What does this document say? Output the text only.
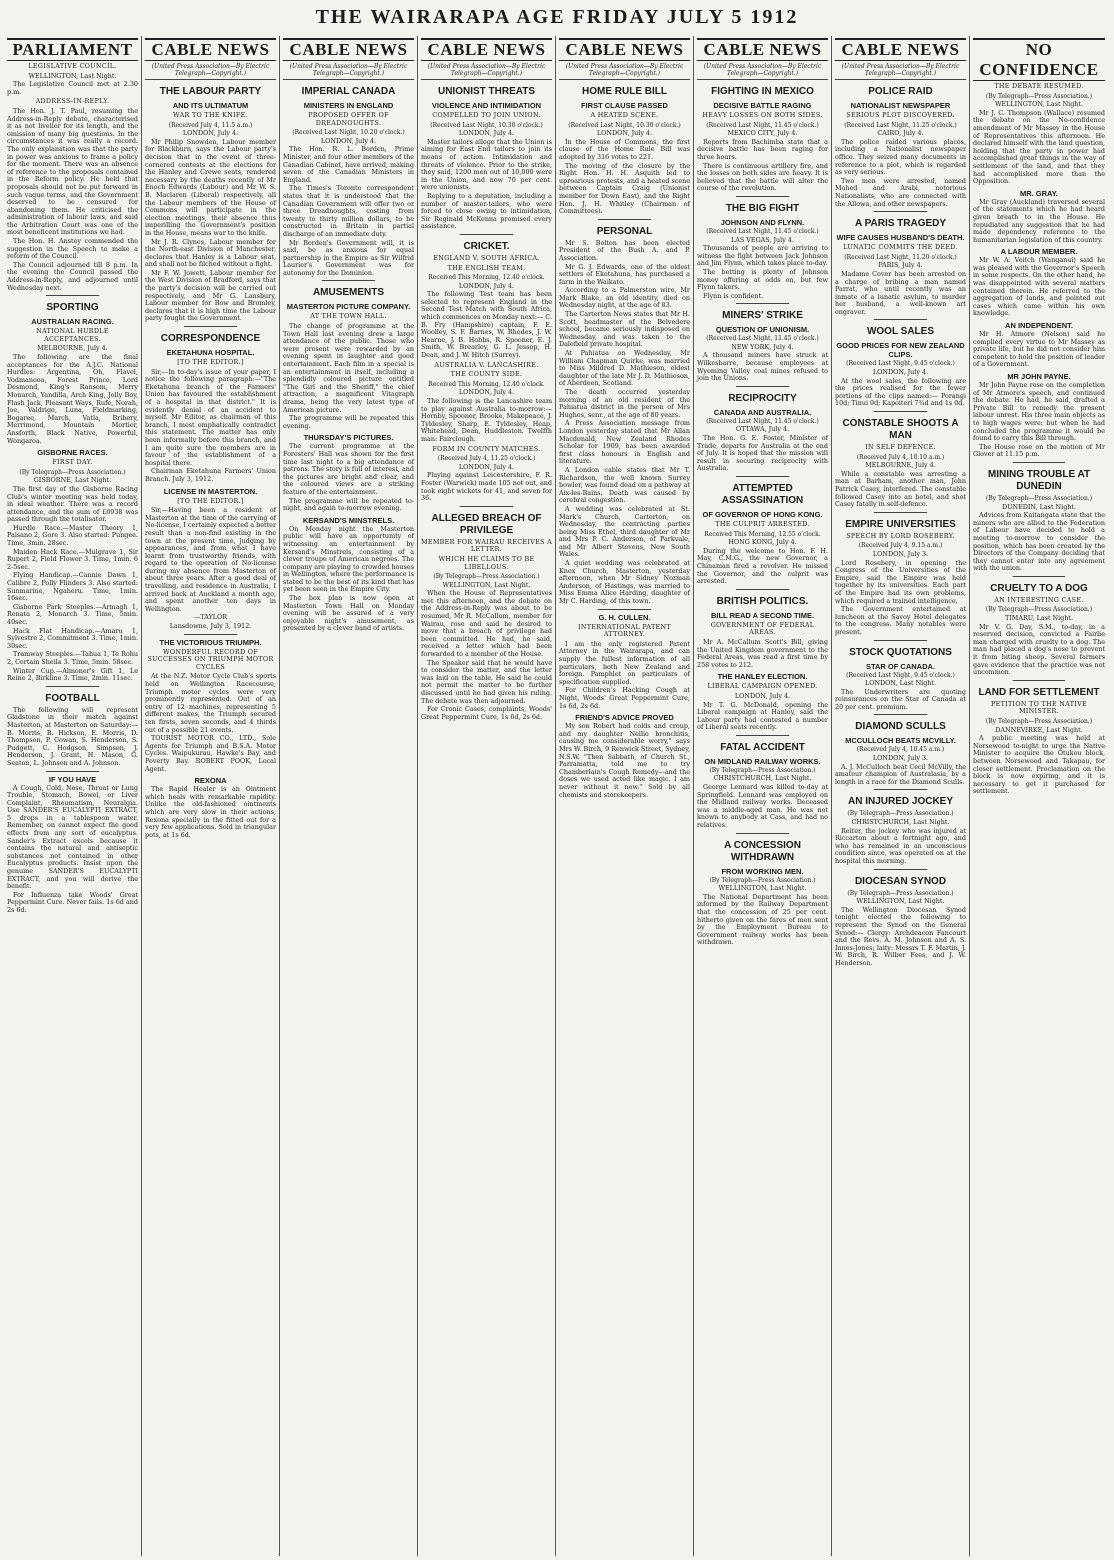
THE WAIRARAPA AGE FRIDAY JULY 5 1912
PARLIAMENT
LEGISLATIVE COUNCIL.
WELLINGTON, Last Night.
The Legislative Council met at 2.30 p.m.
ADDRESS-IN-REPLY.
The Hon. J. T. Paul, resuming the Address-in-Reply debate, characterised it as not livelier for its length, and the omission of many big questions. In the circumstances it was really a record. The only explanation was that the party in power was anxious to frame a policy for the moment. There was an absence of reference to the proposals contained in the Reform policy. He held that proposals should not be put forward in such vague terms, and the Government deserved to be censured for abandoning them. He criticised the administration of labour laws, and said the Arbitration Court was one of the most beneficent institutions we had.
The Hon. H. Anstey commended the suggestion in the Speech to make a reform of the Council.
The Council adjourned till 8 p.m. In the evening the Council passed the Address-in-Reply, and adjourned until Wednesday next.
SPORTING
AUSTRALIAN RACING.
NATIONAL HURDLE ACCEPTANCES.
MELBOURNE, July 4.
The following are the final acceptances for the A.J.C. National Hurdles: Argentina, Oh, Flavel, Vodmanooa, Forest Prince, Lord Desmond, King's Ransom, Merry Monarch, Yandilla, Arch King, Jolly Boy, Flash Jack, Pleasant Ways, Rufe, Norah, Joe, Valdrige, Luna, Fieldmarking, Bogaree, March, Vatla, Bribery, Merrimond, Mountain Mortier, Ansforth, Black Native, Powerful, Wongaroa.
GISBORNE RACES.
FIRST DAY.
(By Telegraph—Press Association.)
GISBORNE, Last Night.
The first day of the Gisborne Racing Club's winter meeting was held today, in ideal weather. There was a record attendance, and the sum of £6938 was passed through the totalisator.
Hurdle Race.—Master Theory 1, Paisano 2, Gore 3. Also started: Pungee. Time, 3min. 28sec.
Maiden Hack Race.—Mulgrave 1, Sir Rupert 2, Field Flower 3. Time, 1min. 6 2-5sec.
Flying Handicap.—Cannie Dawn 1, Calibre 2, Polly Flinders 3. Also started: Sunmarine, Ngaheru. Time, 1min. 16sec.
Gisborne Park Steeples.—Armagh 1, Renata 2, Monarch 3. Time, 5min. 40sec.
Hack Flat Handicap.—Amaru 1, Sylvestre 2, Commitment 3. Time, 1min. 30sec.
Tramway Steeples.—Tahua 1, Te Rohu 2, Certain Sheila 3. Time, 5min. 58sec.
Winter Cup.—Almoner's Gift 1, Le Reine 2, Birkline 3. Time, 2min. 11sec.
FOOTBALL
The following will represent Gladstone in their match against Masterton, at Masterton on Saturday:— B. Morris, B. Hickson, E. Morris, D. Thompson, P. Cowan, S. Henderson, S. Pudgett, C. Hodgson, Simpson, J. Henderson, J. Grant, H. Mason, G. Seaton, L. Johnson and A. Johnson.
IF YOU HAVE
A Cough, Cold, Nose, Throat or Lung Trouble, Stomach, Bowel, or Liver Complaint, Rheumatism, Neuralgia. Use SANDER'S EUCALYPTI EXTRACT, 5 drops in a tablespoon water. Remember, on cannot expect the good effects from any sort of eucalyptus. Sander's Extract excels because it contains the natural and antiseptic substances not contained in other Eucalyptus products. Insist upon the genuine SANDER'S EUCALYPTI EXTRACT, and you will derive the benefit.
For Influenza take Woods' Great Peppermint Cure. Never fails. 1s 6d and 2s 6d.
CABLE NEWS
(United Press Association—By Electric Telegraph—Copyright.)
THE LABOUR PARTY
AND ITS ULTIMATUM
WAR TO THE KNIFE.
(Received July 4, 11.5 a.m.)
LONDON, July 4.
Mr Philip Snowden, Labour member for Blackburn, says the Labour party's decision that in the event of three-cornered contests at the elections for the Hanley and Crewe seats, rendered necessary by the deaths recently of Mr Enoch Edwards (Labour) and Mr W. S. B. Maclaren (Liberal) respectively, all the Labour members of the House of Commons will participate in the election meetings, their absence thus imperilling the Government's position in the House, means war to the knife.
Mr J. R. Clynes, Labour member for the North-east Division of Manchester, declares that Hanley is a Labour seat, and shall not be filched without a fight.
Mr F. W. Jowett, Labour member for the West Division of Bradford, says that the party's decision will be carried out respectively, and Mr G. Lansbury, Labour member for Bow and Bromley, declares that it is high time the Labour party fought the Government.
CORRESPONDENCE
EKETAHUNA HOSPITAL.
[TO THE EDITOR.]
Sir,—In to-day's issue of your paper, I notice the following paragraph:—"The Eketahuna branch of the Farmers' Union has favoured the establishment of a hospital in that district." It is evidently denial of an accident to myself. Mr Editor, as chairman of this branch, I most emphatically contradict this statement. The matter has only been informally before this branch, and I am quite sure the members are in favour of the establishment of a hospital there.
Chairman Eketahuna Farmers' Union Branch. July 3, 1912.
LICENSE IN MASTERTON.
[TO THE EDITOR.]
Sir,—Having been a resident of Masterton at the time of the carrying of No-license, I certainly expected a better result than a non-find existing in the town at the present time, judging by appearances, and from what I have learnt from trustworthy friends, with regard to the operation of No-license during my absence from Masterton of about three years. After a good deal of travelling, and residence in Australia, I arrived back at Auckland a month ago, and spent another ten days in Wellington.
—TAYLOR
Lansdowne, July 3, 1912.
THE VICTORIOUS TRIUMPH.
WONDERFUL RECORD OF SUCCESSES ON TRIUMPH MOTOR CYCLES
At the N.Z. Motor Cycle Club's sports held on Wellington Racecourse, Triumph motor cycles were very prominently represented. Out of an entry of 12 machines, representing 5 different makes, the Triumph secured ten firsts, seven seconds, and 4 thirds out of a possible 21 events.
TOURIST MOTOR CO., LTD., Sole Agents for Triumph and B.S.A. Motor Cycles. Waipukurau, Hawke's Bay, and Poverty Bay. ROBERT POOK, Local Agent.
REXONA
The Rapid Healer is an Ointment which heals with remarkable rapidity. Unlike the old-fashioned ointments which are very slow in their actions, Rexona specially in the fitted out for a very few applications. Sold in triangular pots, at 1s 6d.
CABLE NEWS
(United Press Association—By Electric Telegraph—Copyright.)
IMPERIAL CANADA
MINISTERS IN ENGLAND
PROPOSED OFFER OF DREADNOUGHTS.
(Received Last Night, 10.20 o'clock.)
LONDON, July 4.
The Hon. R. L. Borden, Prime Minister, and four other members of the Canadian Cabinet, have arrived, making seven of the Canadian Ministers in England.
The Times's Toronto correspondent states that it is understood that the Canadian Government will offer two or three Dreadnoughts, costing from twenty to thirty million dollars, to be constructed in Britain in partial discharge of an immediate duty.
Mr Borden's Government will, it is said, be as anxious for equal partnership in the Empire as Sir Wilfrid Laurier's Government was for autonomy for the Dominion.
AMUSEMENTS
MASTERTON PICTURE COMPANY.
AT THE TOWN HALL.
The change of programme at the Town Hall last evening drew a large attendance of the public. Those who were present were rewarded by an evening spent in laughter and good entertainment. Each film in a special is an entertainment in itself, including a splendidly coloured picture entitled "The Girl and the Sheriff," the chief attraction, a magnificent Vitagraph drama, being the very latest type of American picture.
The programme will be repeated this evening.
THURSDAY'S PICTURES.
The current programme at the Foresters' Hall was shown for the first time last night to a big attendance of patrons. The story is full of interest, and the pictures are bright and clear, and the coloured views are a striking feature of the entertainment.
The programme will be repeated to-night, and again to-morrow evening.
KERSAND'S MINSTRELS.
On Monday night the Masterton public will have an opportunity of witnessing an entertainment by Kersand's Minstrels, consisting of a clever troupe of American negroes. The company are playing to crowded houses in Wellington, where the performance is stated to be the best of its kind that has yet been seen in the Empire City.
The box plan is now open at Masterton Town Hall on Monday evening will be assured of a very enjoyable night's amusement, as presented by a clever band of artists.
CABLE NEWS
(United Press Association—By Electric Telegraph—Copyright.)
UNIONIST THREATS
VIOLENCE AND INTIMIDATION
COMPELLED TO JOIN UNION.
(Received Last Night, 10.30 o'clock.)
LONDON, July 4.
Master tailors allege that the Union is aiming for East End tailors to join its means of action. Intimidation and threats of violence. Prior to the strike, they said, 1200 men out of 10,000 were in the Union, and now 70 per cent. were unionists.
Replying to a deputation, including a number of master-tailors, who were forced to close owing to intimidation, Sir Reginald McKenna promised every assistance.
CRICKET.
ENGLAND V. SOUTH AFRICA.
THE ENGLISH TEAM.
Received This Morning, 12.40 o'clock.
LONDON, July 4.
The following Test team has been selected to represent England in the Second Test Match with South Africa, which commences on Monday next:— C. B. Fry (Hampshire) captain, F. E. Woolley, S. F. Barnes, W. Rhodes, J. W. Hearne, J. B. Hobbs, R. Spooner, E. J. Smith, W. Brearley, G. L. Jessop, H. Dean, and J. W. Hitch (Surrey).
AUSTRALIA V. LANCASHIRE.
THE COUNTY SIDE.
Received This Morning, 12.40 o'clock.
LONDON, July 4.
The following is the Lancashire team to play against Australia to-morrow:— Hornby, Spooner, Brooke, Makepeace, J. Tyldesley, Sharp, E. Tyldesley, Heap, Whitehead, Dean, Huddleston. Twelfth man: Fairclough.
FORM IN COUNTY MATCHES.
(Received July 4, 11.25 o'clock.)
LONDON, July 4.
Playing against Leicestershire, F. R. Foster (Warwick) made 105 not out, and took eight wickets for 41, and seven for 36.
ALLEGED BREACH OF PRIVILEGE
MEMBER FOR WAIRAU RECEIVES A LETTER.
WHICH HE CLAIMS TO BE LIBELLOUS.
(By Telegraph—Press Association.)
WELLINGTON, Last Night.
When the House of Representatives met this afternoon, and the debate on the Address-in-Reply was about to be resumed, Mr R. McCallum, member for Wairau, rose and said he desired to move that a breach of privilege had been committed. He had, he said, received a letter which had been forwarded to a member of the House.
The Speaker said that he would have to consider the matter, and the letter was laid on the table. He said he could not permit the matter to be further discussed until he had given his ruling. The debate was then adjourned.
For Cronic Cases, complaints, Woods' Great Peppermint Cure, 1s 6d, 2s 6d.
CABLE NEWS
(United Press Association—By Electric Telegraph—Copyright.)
HOME RULE BILL
FIRST CLAUSE PASSED
A HEATED SCENE.
(Received Last Night, 10.30 o'clock.)
LONDON, July 4.
In the House of Commons, the first clause of the Home Rule Bill was adopted by 316 votes to 221.
The moving of the closure by the Right Hon. H. H. Asquith led to uproarious protests, and a heated scene between Captain Craig (Unionist member for Down East), and the Right Hon. J. H. Whitley (Chairman of Committees).
PERSONAL
Mr S. Bolton has been elected President of the Bush A. and P. Association.
Mr G. J. Edwards, one of the oldest settlers of Eketahuna, has purchased a farm in the Waikato.
According to a Palmerston wire, Mr Mark Blake, an old identity, died on Wednesday night, at the age of 83.
The Carterton News states that Mr H. Scott, headmaster of the Belvedere school, became seriously indisposed on Wednesday, and was taken to the Dalefield private hospital.
At Pahiatua on Wednesday, Mr William Chapman Quirke, was married to Miss Mildred D. Mathieson, eldest daughter of the late Mr J. D. Mathieson, of Aberdeen, Scotland.
The death occurred yesterday morning of an old resident of the Pahiatua district in the person of Mrs Hughes, senr., at the age of 80 years.
A Press Association message from London yesterday stated that Mr Allan Macdonald, New Zealand Rhodes Scholar for 1909, has been awarded first class honours in English and literature.
A London cable states that Mr T. Richardson, the well known Surrey bowler, was found dead on a pathway at Aix-les-Bains. Death was caused by cerebral congestion.
A wedding was celebrated at St. Mark's Church, Carterton, on Wednesday, the contracting parties being Miss Ethel, third daughter of Mr and Mrs P. C. Anderson, of Parkvale, and Mr Albert Stevens, New South Wales.
A quiet wedding was celebrated at Knox Church, Masterton, yesterday afternoon, when Mr Sidney Norman Anderson, of Hastings, was married to Miss Emma Alice Harding, daughter of Mr C. Harding, of this town.
G. H. CULLEN.
INTERNATIONAL PATENT ATTORNEY.
I am the only registered Patent Attorney in the Wairarapa, and can supply the fullest information of all particulars, both New Zealand and foreign. Pamphlet on particulars of specification supplied.
For Children's Hacking Cough at Night, Woods' Great Peppermint Cure, 1s 6d, 2s 6d.
FRIEND'S ADVICE PROVED
My son Robert had colds and croup, and my daughter Nellie bronchitis, causing me considerable worry," says Mrs W. Birch, 9 Renwick Street, Sydney, N.S.W. "Then Sabbath, of Church St., Parramatta, told me to try Chamberlain's Cough Remedy—and the doses we used acted like magic. I am never without it now." Sold by all chemists and storekeepers.
CABLE NEWS
(United Press Association—By Electric Telegraph—Copyright.)
FIGHTING IN MEXICO
DECISIVE BATTLE RAGING
HEAVY LOSSES ON BOTH SIDES.
(Received Last Night, 11.45 o'clock.)
MEXICO CITY, July 4.
Reports from Bachimba state that a decisive battle has been raging for three hours.
There is continuous artillery fire, and the losses on both sides are heavy. It is believed that the battle will alter the course of the revolution.
THE BIG FIGHT
JOHNSON AND FLYNN.
(Received Last Night, 11.45 o'clock.)
LAS VEGAS, July 4.
Thousands of people are arriving to witness the fight between Jack Johnson and Jim Flynn, which takes place to-day.
The betting is plenty of Johnson money offering at odds on, but few Flynn takers.
Flynn is confident.
MINERS' STRIKE
QUESTION OF UNIONISM.
(Received Last Night, 11.45 o'clock.)
NEW YORK, July 4.
A thousand miners have struck at Wilkesbarre, because employees at Wyoming Valley coal mines refused to join the Unions.
RECIPROCITY
CANADA AND AUSTRALIA.
(Received Last Night, 11.45 o'clock.)
OTTAWA, July 4.
The Hon. G. E. Foster, Minister of Trade, departs for Australia at the end of July. It is hoped that the mission will result in securing reciprocity with Australia.
ATTEMPTED ASSASSINATION
OF GOVERNOR OF HONG KONG.
THE CULPRIT ARRESTED.
Received This Morning, 12.55 o'clock.
HONG KONG, July 4.
During the welcome to Hon. F. H. May, C.M.G., the new Governor, a Chinaman fired a revolver. He missed the Governor, and the culprit was arrested.
BRITISH POLITICS.
BILL READ A SECOND TIME.
GOVERNMENT OF FEDERAL AREAS.
Mr A. McCallum Scott's Bill, giving the United Kingdom government to the Federal Areas, was read a first time by 258 votes to 212.
THE HANLEY ELECTION.
LIBERAL CAMPAIGN OPENED.
LONDON, July 4.
Mr T. G. McDonald, opening the Liberal campaign at Hanley, said the Labour party had contested a number of Liberal seats recently.
FATAL ACCIDENT
ON MIDLAND RAILWAY WORKS.
(By Telegraph—Press Association.)
CHRISTCHURCH, Last Night.
George Lennard was killed to-day at Springfield. Lennard was employed on the Midland railway works. Deceased was a middle-aged man. He was not known to anybody at Cass, and had no relatives.
A CONCESSION WITHDRAWN
FROM WORKING MEN.
(By Telegraph—Press Association.)
WELLINGTON, Last Night.
The National Department has been informed by the Railway Department that the concession of 25 per cent. hitherto given on the fares of men sent by the Employment Bureau to Government railway works has been withdrawn.
CABLE NEWS
(United Press Association—By Electric Telegraph—Copyright.)
POLICE RAID
NATIONALIST NEWSPAPER
SERIOUS PLOT DISCOVERED.
(Received Last Night, 11.25 o'clock.)
CAIRO, July 4.
The police raided various places, including a Nationalist newspaper office. They seized many documents in reference to a plot, which is regarded as very serious.
Two men were arrested, named Mohed and Arabi, notorious Nationalists, who are connected with the Allowa, and other newspapers.
A PARIS TRAGEDY
WIFE CAUSES HUSBAND'S DEATH.
LUNATIC COMMITS THE DEED.
(Received Last Night, 11.20 o'clock.)
PARIS, July 4.
Madame Cover has been arrested on a charge of bribing a man named Parrat, who until recently was an inmate of a lunatic asylum, to murder her husband, a well-known art engraver.
WOOL SALES
GOOD PRICES FOR NEW ZEALAND CLIPS.
(Received Last Night, 9.45 o'clock.)
LONDON, July 4.
At the wool sales, the following are the prices realised for the fewer portions of the clips named:— Porangi 10d; Tinui 9d; Kapoiteri 7¾d and 1s 0d.
CONSTABLE SHOOTS A MAN
IN SELF DEFENCE.
(Received July 4, 10.10 a.m.)
MELBOURNE, July 4.
While a constable was arresting a man at Barham, another man, John Patrick Casey, interfered. The constable followed Casey into an hotel, and shot Casey fatally in self-defence.
EMPIRE UNIVERSITIES
SPEECH BY LORD ROSEBERY.
(Received July 4, 9.15 a.m.)
LONDON, July 3.
Lord Rosebery, in opening the Congress of the Universities of the Empire, said the Empire was held together by its universities. Each part of the Empire had its own problems, which required a trained intelligence.
The Government entertained at luncheon at the Savoy Hotel delegates to the congress. Many notables were present.
STOCK QUOTATIONS
STAR OF CANADA.
(Received Last Night, 9.45 o'clock.)
LONDON, Last Night.
The Underwriters are quoting reinsurances on the Star of Canada at 20 per cent. premium.
DIAMOND SCULLS
MCCULLOCH BEATS MCVILLY.
(Received July 4, 10.45 a.m.)
LONDON, July 3.
A. J. McCulloch beat Cecil McVilly, the amateur champion of Australasia, by a length in a race for the Diamond Sculls.
AN INJURED JOCKEY
(By Telegraph—Press Association.)
CHRISTCHURCH, Last Night.
Reiter, the jockey who was injured at Riccarton about a fortnight ago, and who has remained in an unconscious condition since, was operated on at the hospital this morning.
DIOCESAN SYNOD
(By Telegraph—Press Association.)
WELLINGTON, Last Night.
The Wellington Diocesan Synod tonight elected the following to represent the Synod on the General Synod:— Clergy: Archdeacon Fancourt and the Revs. A. M. Johnson and A. S. Innes-Jones; laity: Messrs T. F. Martin, J. W. Birch, R. Wilber Fees, and J. W. Henderson.
NO CONFIDENCE
THE DEBATE RESUMED.
(By Telegraph—Press Association.)
WELLINGTON, Last Night.
Mr J. C. Thompson (Wallace) resumed the debate on the No-confidence amendment of Mr Massey in the House of Representatives this afternoon. He declared himself with the land question, holding that the party in power had accomplished great things in the way of settlement of the land, and that they had accomplished more than the Opposition.
MR. GRAY.
Mr Gray (Auckland) traversed several of the statements which he had heard given breath to in the House. He repudiated any suggestion that he had made dependency reference to the humanitarian legislation of this country.
A LABOUR MEMBER.
Mr W. A. Veitch (Wanganui) said he was pleased with the Governor's Speech in some respects. On the other hand, he was disappointed with several matters contained therein. He referred to the aggregation of lands, and pointed out cases which came within his own knowledge.
AN INDEPENDENT.
Mr H. Atmore (Nelson) said he complied every virtue to Mr Massey as private life, but he did not consider him competent to hold the position of leader of a Government.
MR JOHN PAYNE.
Mr John Payne rose on the completion of Mr Atmore's speech, and continued the debate. He had, he said, drafted a Private Bill to remedy the present labour unrest. His three main objects as to high wages were: but when he had concluded the programme it would be found to carry this Bill through.
The House rose on the motion of Mr Glover at 11.15 p.m.
MINING TROUBLE AT DUNEDIN
(By Telegraph—Press Association.)
DUNEDIN, Last Night.
Advices from Kaitangata state that the miners who are allied to the Federation of Labour have decided to hold a meeting to-morrow to consider the position, which has been created by the Directors of the Company deciding that they cannot enter into any agreement with the union.
CRUELTY TO A DOG
AN INTERESTING CASE.
(By Telegraph—Press Association.)
TIMARU, Last Night.
Mr V. G. Day, S.M., to-day, in a reserved decision, convicted a Fairlie man charged with cruelty to a dog. The man had placed a dog's nose to prevent it from biting sheep. Several farmers gave evidence that the practice was not uncommon.
LAND FOR SETTLEMENT
PETITION TO THE NATIVE MINISTER.
(By Telegraph—Press Association.)
DANNEVIRKE, Last Night.
A public meeting was held at Norsewood to-night to urge the Native Minister to acquire the Otukou block, between Norsewood and Takapau, for closer settlement. Proclamation on the block is now expiring, and it is necessary to get it purchased for settlement.
